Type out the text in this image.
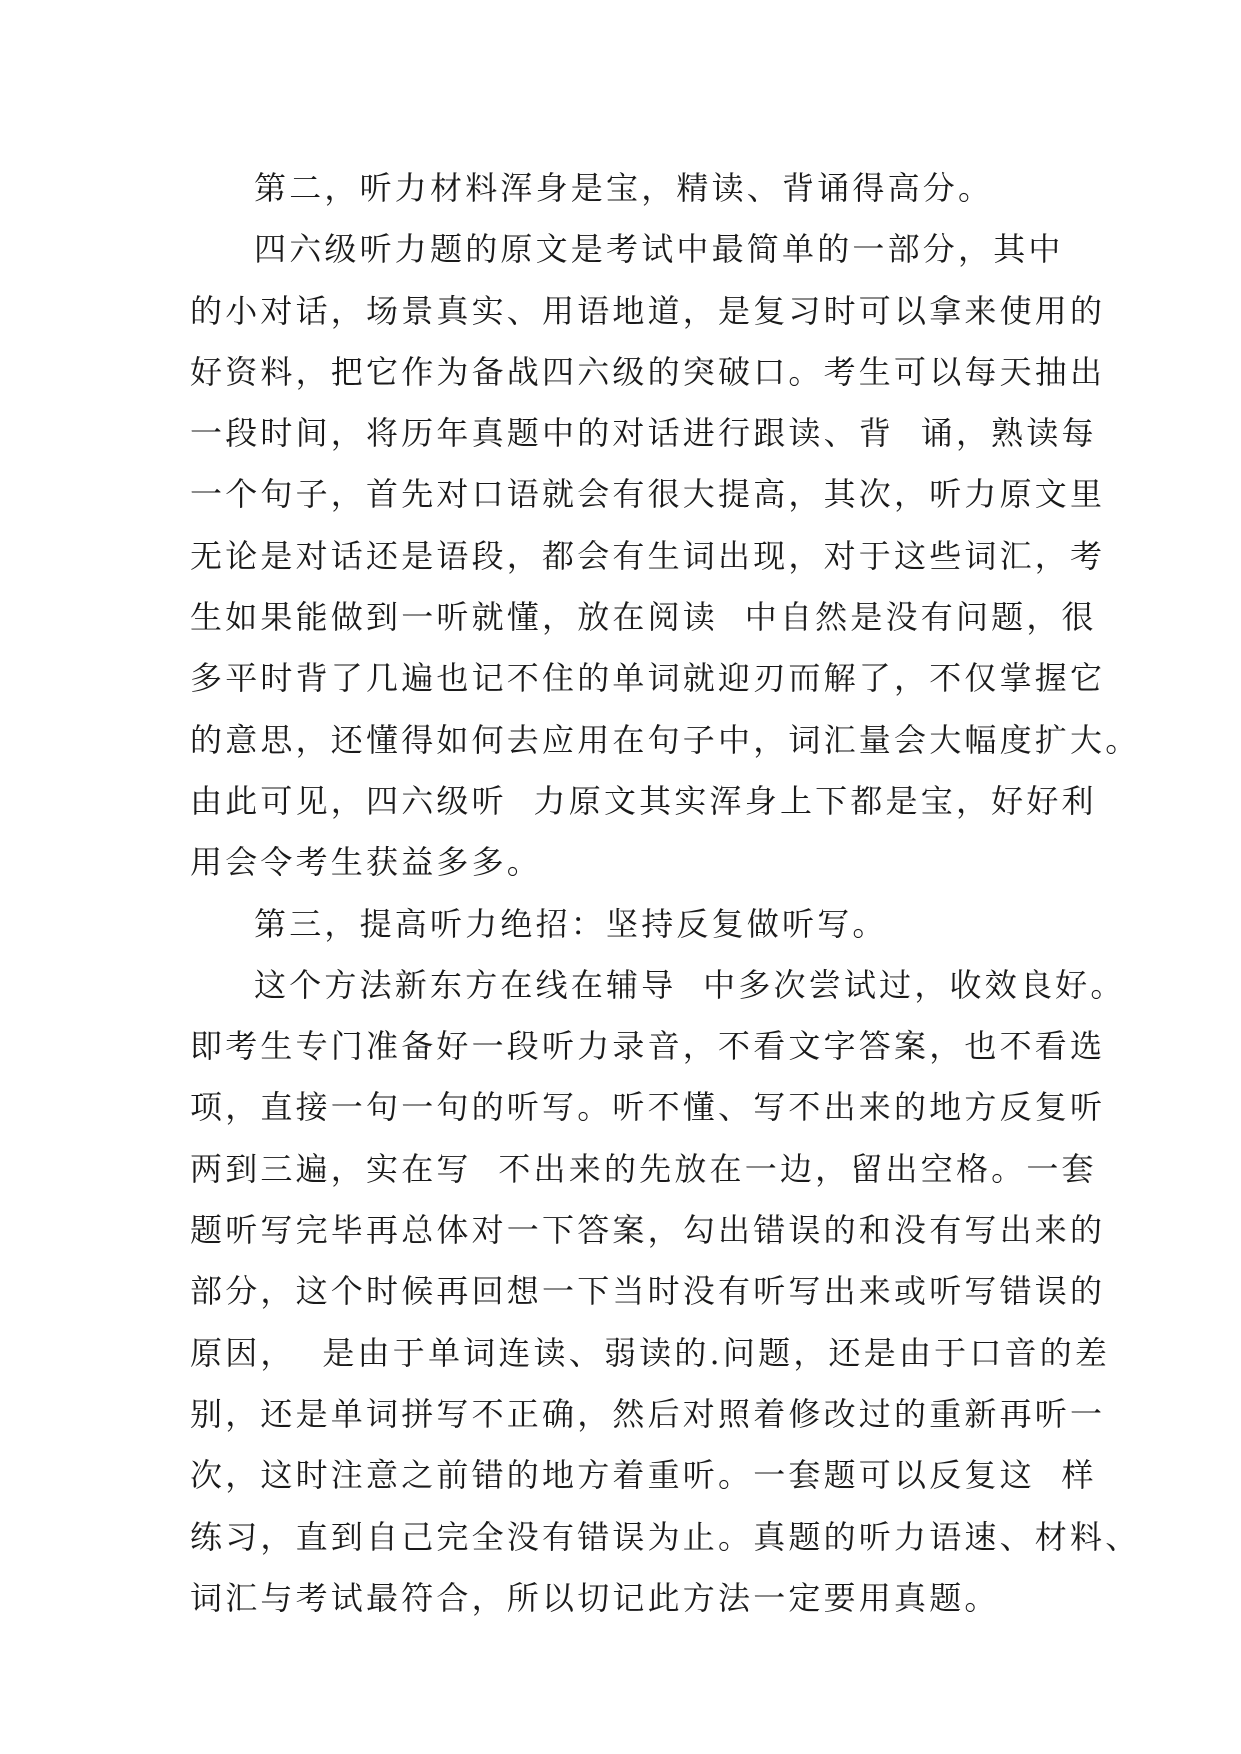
第二，听力材料浑身是宝，精读、背诵得高分。
四六级听力题的原文是考试中最简单的一部分，其中
的小对话，场景真实、用语地道，是复习时可以拿来使用的
好资料，把它作为备战四六级的突破口。考生可以每天抽出
一段时间，将历年真题中的对话进行跟读、背  诵，熟读每
一个句子，首先对口语就会有很大提高，其次，听力原文里
无论是对话还是语段，都会有生词出现，对于这些词汇，考
生如果能做到一听就懂，放在阅读  中自然是没有问题，很
多平时背了几遍也记不住的单词就迎刃而解了，不仅掌握它
的意思，还懂得如何去应用在句子中，词汇量会大幅度扩大。
由此可见，四六级听  力原文其实浑身上下都是宝，好好利
用会令考生获益多多。
第三，提高听力绝招：坚持反复做听写。
这个方法新东方在线在辅导  中多次尝试过，收效良好。
即考生专门准备好一段听力录音，不看文字答案，也不看选
项，直接一句一句的听写。听不懂、写不出来的地方反复听
两到三遍，实在写  不出来的先放在一边，留出空格。一套
题听写完毕再总体对一下答案，勾出错误的和没有写出来的
部分，这个时候再回想一下当时没有听写出来或听写错误的
原因，  是由于单词连读、弱读的.问题，还是由于口音的差
别，还是单词拼写不正确，然后对照着修改过的重新再听一
次，这时注意之前错的地方着重听。一套题可以反复这  样
练习，直到自己完全没有错误为止。真题的听力语速、材料、
词汇与考试最符合，所以切记此方法一定要用真题。
